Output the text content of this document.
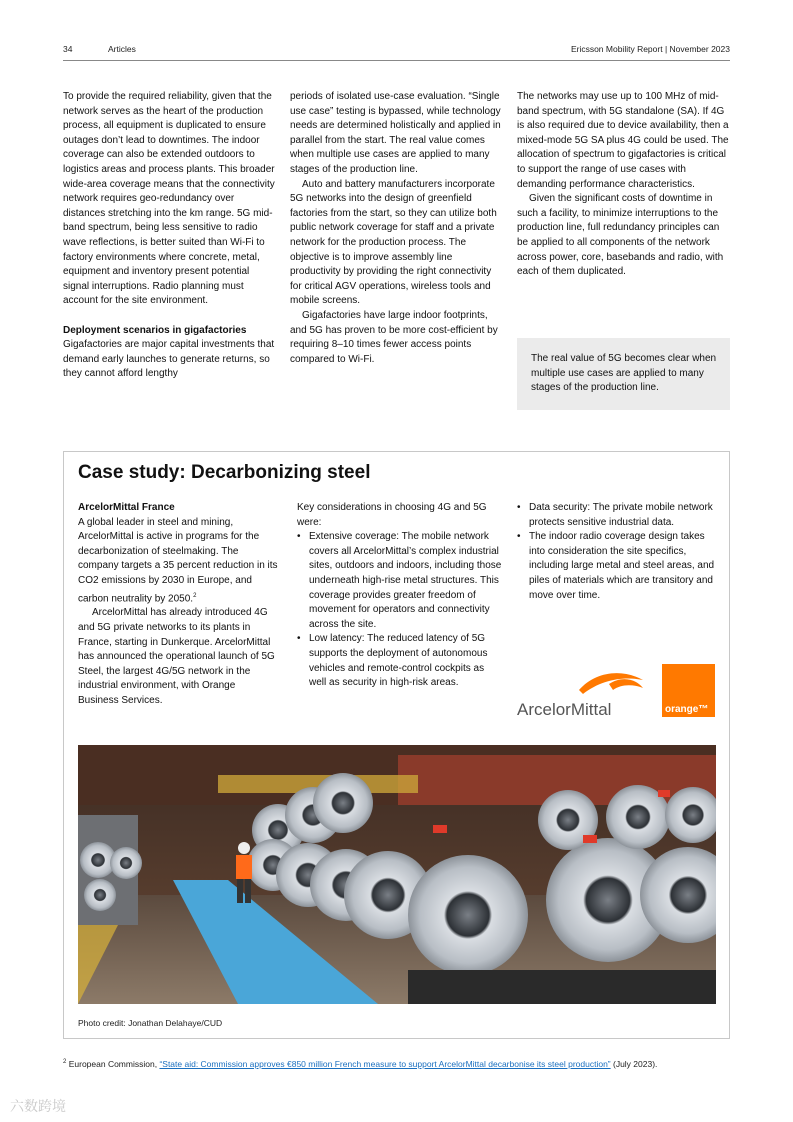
34	Articles	Ericsson Mobility Report | November 2023

To provide the required reliability, given that the network serves as the heart of the production process, all equipment is duplicated to ensure outages don’t lead to downtimes. The indoor coverage can also be extended outdoors to logistics areas and process plants. This broader wide-area coverage means that the connectivity network requires geo-redundancy over distances stretching into the km range. 5G mid-band spectrum, being less sensitive to radio wave reflections, is better suited than Wi-Fi to factory environments where concrete, metal, equipment and inventory present potential signal interruptions. Radio planning must account for the site environment.

Deployment scenarios in gigafactories

Gigafactories are major capital investments that demand early launches to generate returns, so they cannot afford lengthy

periods of isolated use-case evaluation. “Single use case” testing is bypassed, while technology needs are determined holistically and applied in parallel from the start. The real value comes when multiple use cases are applied to many stages of the production line.

Auto and battery manufacturers incorporate 5G networks into the design of greenfield factories from the start, so they can utilize both public network coverage for staff and a private network for the production process. The objective is to improve assembly line productivity by providing the right connectivity for critical AGV operations, wireless tools and mobile screens.

Gigafactories have large indoor footprints, and 5G has proven to be more cost-efficient by requiring 8–10 times fewer access points compared to Wi-Fi.

The networks may use up to 100 MHz of mid-band spectrum, with 5G standalone (SA). If 4G is also required due to device availability, then a mixed-mode 5G SA plus 4G could be used. The allocation of spectrum to gigafactories is critical to support the range of use cases with demanding performance characteristics.

Given the significant costs of downtime in such a facility, to minimize interruptions to the production line, full redundancy principles can be applied to all components of the network across power, core, basebands and radio, with each of them duplicated.

The real value of 5G becomes clear when multiple use cases are applied to many stages of the production line.
Case study: Decarbonizing steel

ArcelorMittal France

A global leader in steel and mining, ArcelorMittal is active in programs for the decarbonization of steelmaking. The company targets a 35 percent reduction in its CO2 emissions by 2030 in Europe, and carbon neutrality by 2050.$^2$

ArcelorMittal has already introduced 4G and 5G private networks to its plants in France, starting in Dunkerque. ArcelorMittal has announced the operational launch of 5G Steel, the largest 4G/5G network in the industrial environment, with Orange Business Services.

Key considerations in choosing 4G and 5G were:

• Extensive coverage: The mobile network covers all ArcelorMittal’s complex industrial sites, outdoors and indoors, including those underneath high-rise metal structures. This coverage provides greater freedom of movement for operators and connectivity across the site.
• Low latency: The reduced latency of 5G supports the deployment of autonomous vehicles and remote-control cockpits as well as security in high-risk areas.
• Data security: The private mobile network protects sensitive industrial data.
• The indoor radio coverage design takes into consideration the site specifics, including large metal and steel areas, and piles of materials which are transitory and move over time.
ArcelorMittal	orange™
Photo credit: Jonathan Delahaye/CUD
$^2$ European Commission, “State aid: Commission approves €850 million French measure to support ArcelorMittal decarbonise its steel production” (July 2023).
六数跨境
